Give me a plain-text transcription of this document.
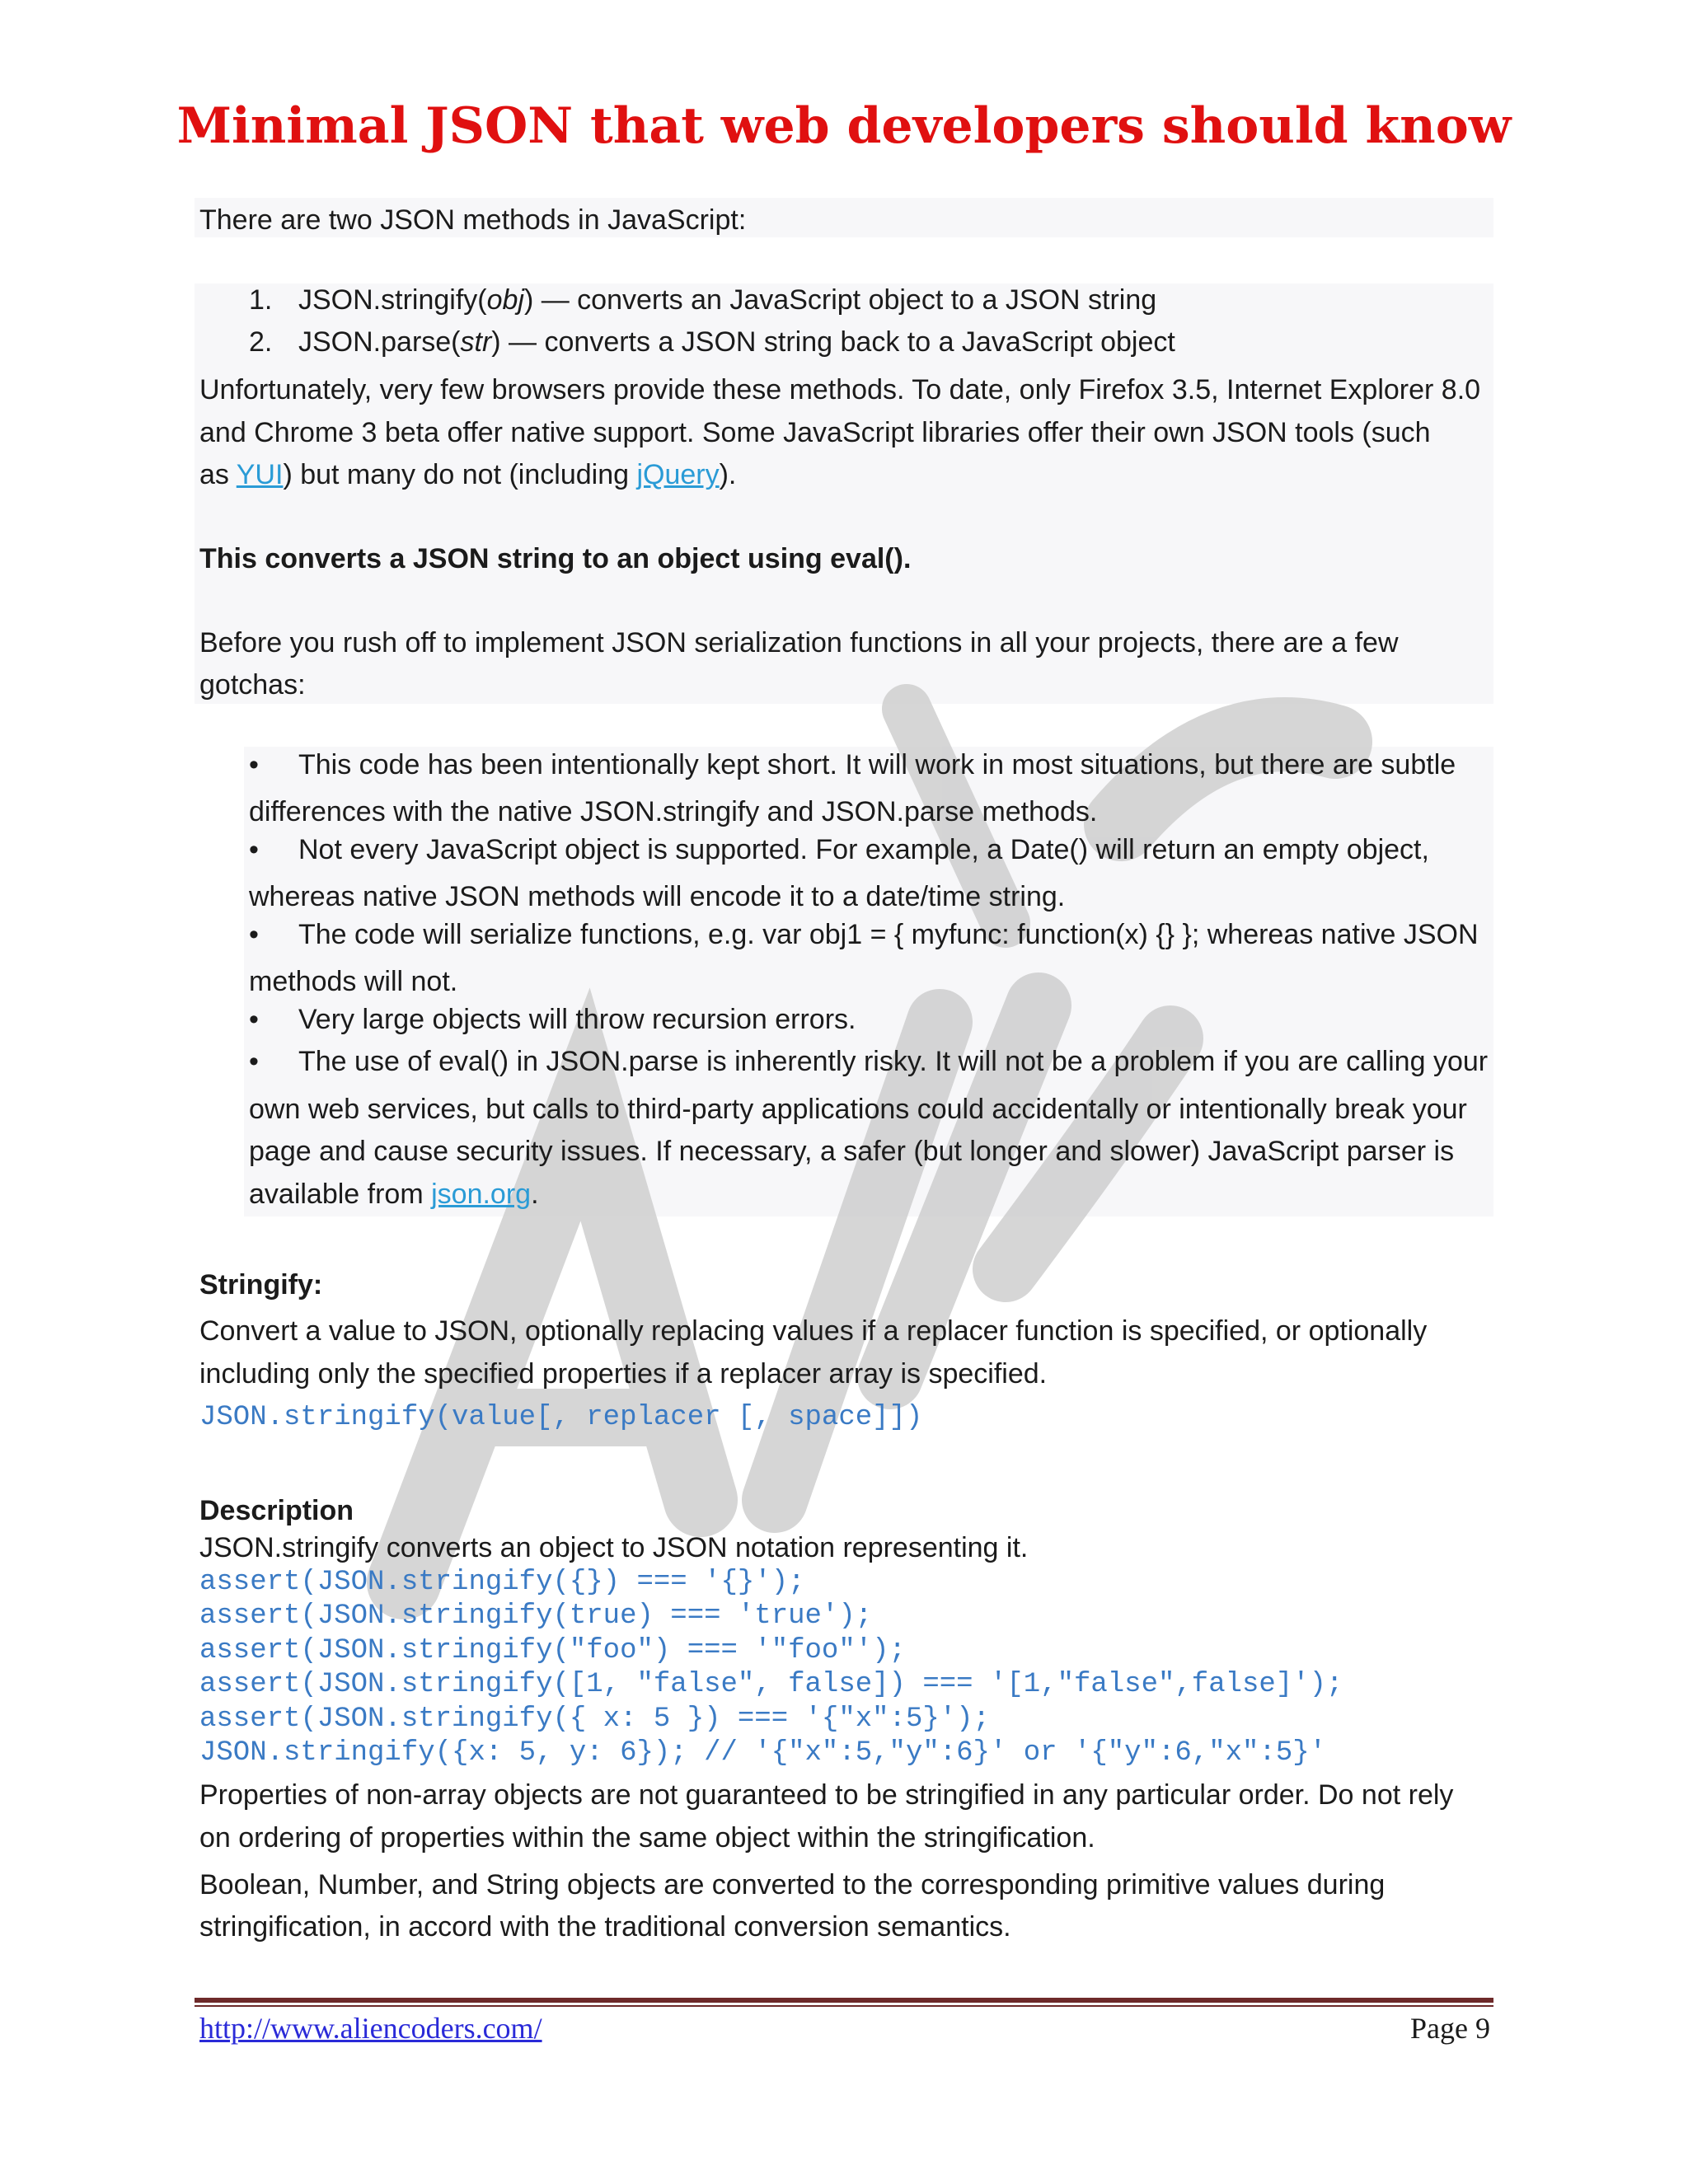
Minimal JSON that web developers should know
There are two JSON methods in JavaScript:
1. JSON.stringify(obj) — converts an JavaScript object to a JSON string
2. JSON.parse(str) — converts a JSON string back to a JavaScript object
Unfortunately, very few browsers provide these methods. To date, only Firefox 3.5, Internet Explorer 8.0
and Chrome 3 beta offer native support. Some JavaScript libraries offer their own JSON tools (such
as YUI) but many do not (including jQuery).
This converts a JSON string to an object using eval().
Before you rush off to implement JSON serialization functions in all your projects, there are a few
gotchas:
• This code has been intentionally kept short. It will work in most situations, but there are subtle
differences with the native JSON.stringify and JSON.parse methods.
• Not every JavaScript object is supported. For example, a Date() will return an empty object,
whereas native JSON methods will encode it to a date/time string.
• The code will serialize functions, e.g. var obj1 = { myfunc: function(x) {} }; whereas native JSON
methods will not.
• Very large objects will throw recursion errors.
• The use of eval() in JSON.parse is inherently risky. It will not be a problem if you are calling your
own web services, but calls to third-party applications could accidentally or intentionally break your
page and cause security issues. If necessary, a safer (but longer and slower) JavaScript parser is
available from json.org.
Stringify:
Convert a value to JSON, optionally replacing values if a replacer function is specified, or optionally
including only the specified properties if a replacer array is specified.
JSON.stringify(value[, replacer [, space]])
Description
JSON.stringify converts an object to JSON notation representing it.
assert(JSON.stringify({}) === '{}');
assert(JSON.stringify(true) === 'true');
assert(JSON.stringify("foo") === '"foo"');
assert(JSON.stringify([1, "false", false]) === '[1,"false",false]');
assert(JSON.stringify({ x: 5 }) === '{"x":5}');
JSON.stringify({x: 5, y: 6}); // '{"x":5,"y":6}' or '{"y":6,"x":5}'
Properties of non-array objects are not guaranteed to be stringified in any particular order. Do not rely
on ordering of properties within the same object within the stringification.
Boolean, Number, and String objects are converted to the corresponding primitive values during
stringification, in accord with the traditional conversion semantics.
http://www.aliencoders.com/	Page 9
